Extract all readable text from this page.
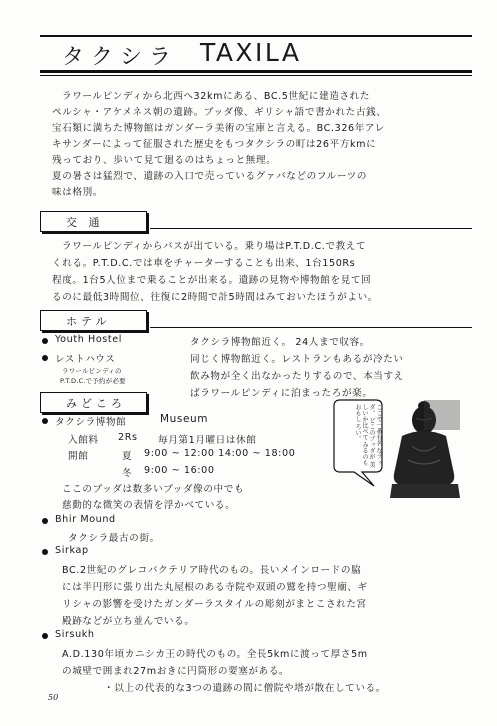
タクシラ TAXILA
ラワールピンディから北西へ32kmにある、BC.5世紀に建造された
ペルシャ・アケメネス朝の遺跡。ブッダ像、ギリシャ語で書かれた古銭、
宝石類に満ちた博物館はガンダーラ美術の宝庫と言える。BC.326年アレ
キサンダーによって征服された歴史をもつタクシラの町は26平方kmに
残っており、歩いて見て廻るのはちょっと無理。
夏の暑さは猛烈で、遺跡の入口で売っているグァバなどのフルーツの
味は格別。
交 通
ラワールピンディからバスが出ている。乗り場はP.T.D.C.で教えて
くれる。P.T.D.C.では車をチャーターすることも出来、1台150Rs
程度。1台5人位まで乗ることが出来る。遺跡の見物や博物館を見て回
るのに最低3時間位、往復に2時間で計5時間はみておいたほうがよい。
ホテル
Youth Hostel	タクシラ博物館近く。 24人まで収容。
レストハウス	同じく博物館近く。レストランもあるが冷たい
ラワールピンディの
P.T.D.C.で予約が必要	飲み物が全く出なかったりするので、本当すえ
ばラワールピンディに泊まったろが楽。
みどころ
タクシラ博物館	Museum
入館料 2Rs 毎月第1月曜日は休館
開館	夏 9:00 ~ 12:00 14:00 ~ 18:00
冬 9:00 ~ 16:00
ここのブッダは数多いブッダ像の中でも
慈動的な微笑の表情を浮かべている。
ここで一番有名 なブッダ。 どこのブッダが 美しいか比べて みるのもおもし ろい。
Bhir Mound
タクシラ最古の街。
Sirkap
BC.2世紀のグレコバクテリア時代のもの。長いメインロードの脇
には半円形に張り出た丸屋根のある寺院や双頭の鷲を持つ聖廟、ギ
リシャの影響を受けたガンダーラスタイルの彫刻がまとこされた宮
殿跡などが立ち並んでいる。
Sirsukh
A.D.130年頃カニシカ王の時代のもの。全長5kmに渡って厚さ5m
の城壁で囲まれ27mおきに円筒形の要塞がある。
・以上の代表的な3つの遺跡の間に僧院や塔が散在している。
50
